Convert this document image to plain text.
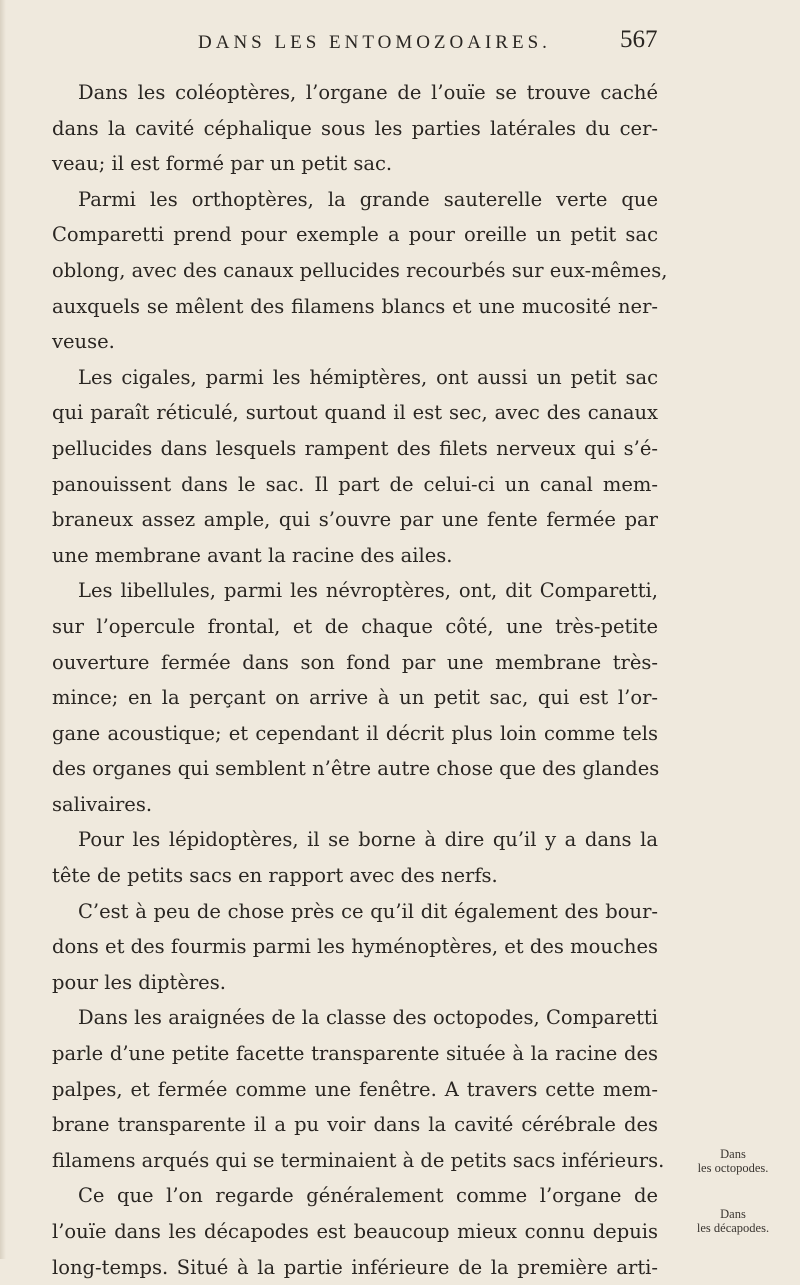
DANS LES ENTOMOZOAIRES.	567
Dans les coléoptères, l’organe de l’ouïe se trouve caché
dans la cavité céphalique sous les parties latérales du cer-
veau; il est formé par un petit sac.
Parmi les orthoptères, la grande sauterelle verte que
Comparetti prend pour exemple a pour oreille un petit sac
oblong, avec des canaux pellucides recourbés sur eux-mêmes,
auxquels se mêlent des filamens blancs et une mucosité ner-
veuse.
Les cigales, parmi les hémiptères, ont aussi un petit sac
qui paraît réticulé, surtout quand il est sec, avec des canaux
pellucides dans lesquels rampent des filets nerveux qui s’é-
panouissent dans le sac. Il part de celui-ci un canal mem-
braneux assez ample, qui s’ouvre par une fente fermée par
une membrane avant la racine des ailes.
Les libellules, parmi les névroptères, ont, dit Comparetti,
sur l’opercule frontal, et de chaque côté, une très-petite
ouverture fermée dans son fond par une membrane très-
mince; en la perçant on arrive à un petit sac, qui est l’or-
gane acoustique; et cependant il décrit plus loin comme tels
des organes qui semblent n’être autre chose que des glandes
salivaires.
Pour les lépidoptères, il se borne à dire qu’il y a dans la
tête de petits sacs en rapport avec des nerfs.
C’est à peu de chose près ce qu’il dit également des bour-
dons et des fourmis parmi les hyménoptères, et des mouches
pour les diptères.
Dans les araignées de la classe des octopodes, Comparetti
parle d’une petite facette transparente située à la racine des
palpes, et fermée comme une fenêtre. A travers cette mem-
brane transparente il a pu voir dans la cavité cérébrale des
filamens arqués qui se terminaient à de petits sacs inférieurs.
Ce que l’on regarde généralement comme l’organe de
l’ouïe dans les décapodes est beaucoup mieux connu depuis
long-temps. Situé à la partie inférieure de la première arti-
Dans
les octopodes.
Dans
les décapodes.
